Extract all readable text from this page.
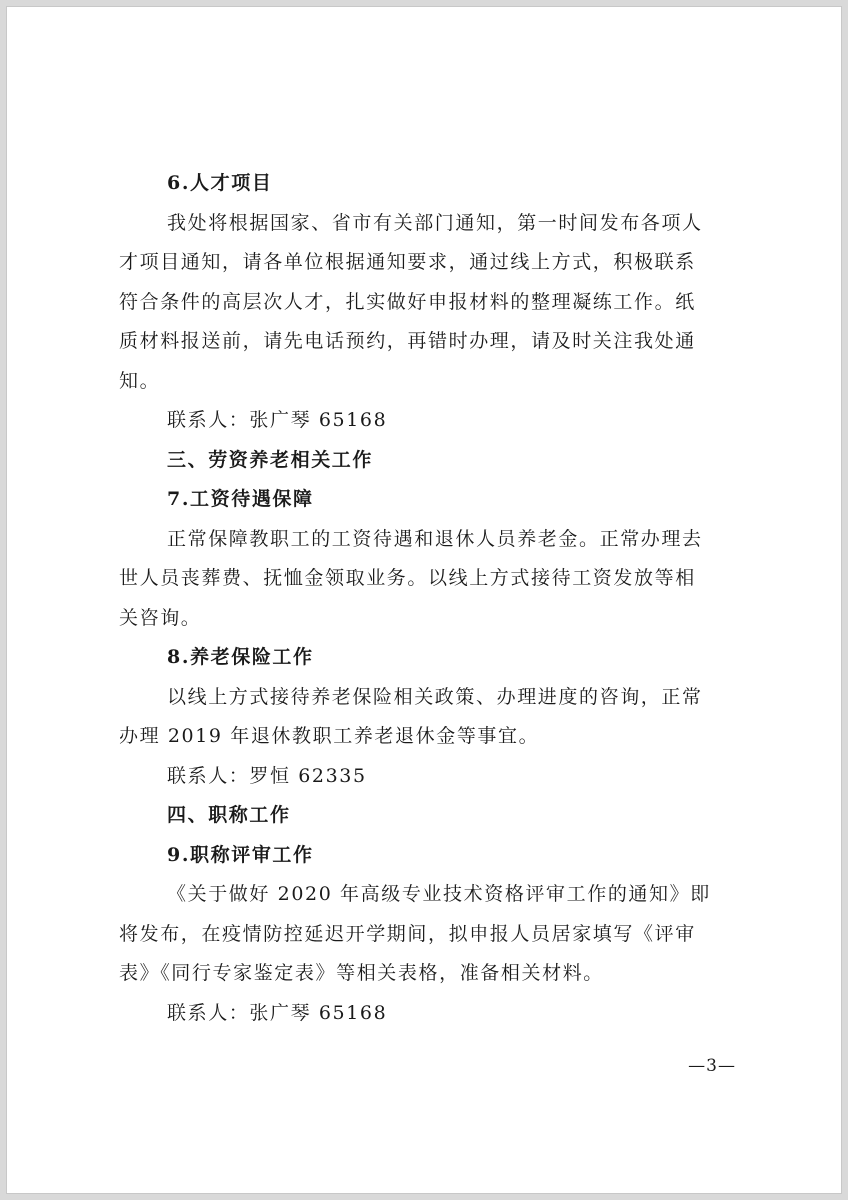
6.人才项目
我处将根据国家、省市有关部门通知，第一时间发布各项人
才项目通知，请各单位根据通知要求，通过线上方式，积极联系
符合条件的高层次人才，扎实做好申报材料的整理凝练工作。纸
质材料报送前，请先电话预约，再错时办理，请及时关注我处通
知。
联系人：张广琴 65168
三、劳资养老相关工作
7.工资待遇保障
正常保障教职工的工资待遇和退休人员养老金。正常办理去
世人员丧葬费、抚恤金领取业务。以线上方式接待工资发放等相
关咨询。
8.养老保险工作
以线上方式接待养老保险相关政策、办理进度的咨询，正常
办理 2019 年退休教职工养老退休金等事宜。
联系人：罗恒 62335
四、职称工作
9.职称评审工作
《关于做好 2020 年高级专业技术资格评审工作的通知》即
将发布，在疫情防控延迟开学期间，拟申报人员居家填写《评审
表》《同行专家鉴定表》等相关表格，准备相关材料。
联系人：张广琴 65168
—3—
